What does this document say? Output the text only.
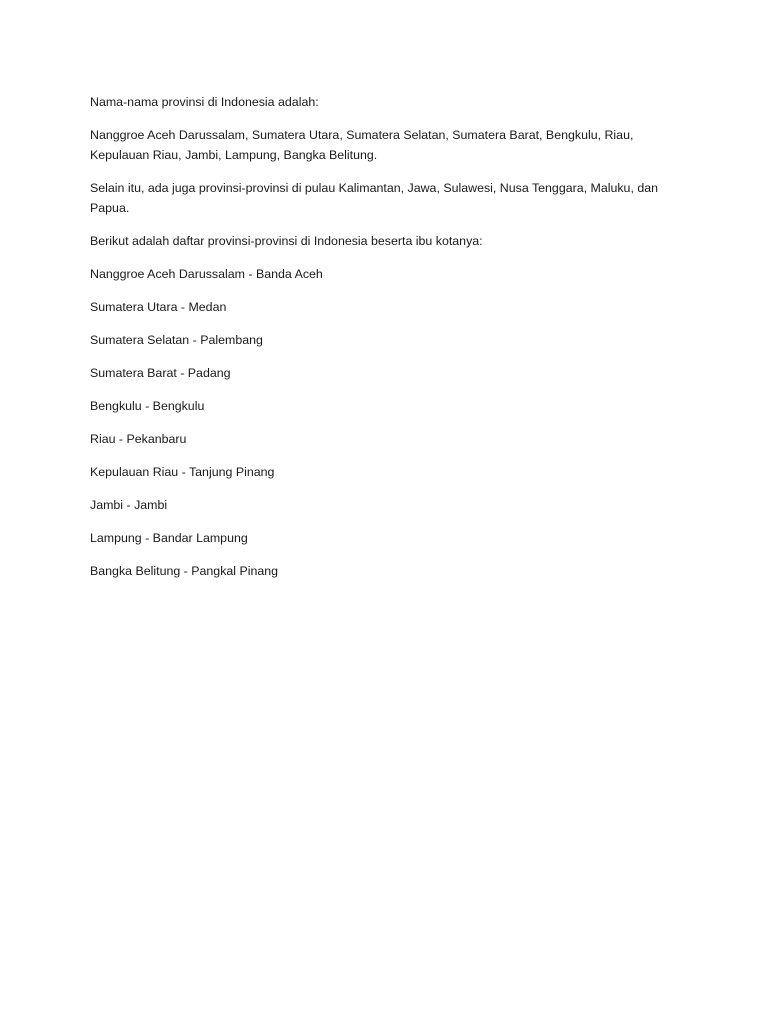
Nama-nama provinsi di Indonesia adalah:

Nanggroe Aceh Darussalam, Sumatera Utara, Sumatera Selatan, Sumatera Barat, Bengkulu, Riau, Kepulauan Riau, Jambi, Lampung, Bangka Belitung.

Selain itu, ada juga provinsi-provinsi di pulau Kalimantan, Jawa, Sulawesi, Nusa Tenggara, Maluku, dan Papua.

Berikut adalah daftar provinsi-provinsi di Indonesia beserta ibu kotanya:

Nanggroe Aceh Darussalam - Banda Aceh

Sumatera Utara - Medan

Sumatera Selatan - Palembang

Sumatera Barat - Padang

Bengkulu - Bengkulu

Riau - Pekanbaru

Kepulauan Riau - Tanjung Pinang

Jambi - Jambi

Lampung - Bandar Lampung

Bangka Belitung - Pangkal Pinang
